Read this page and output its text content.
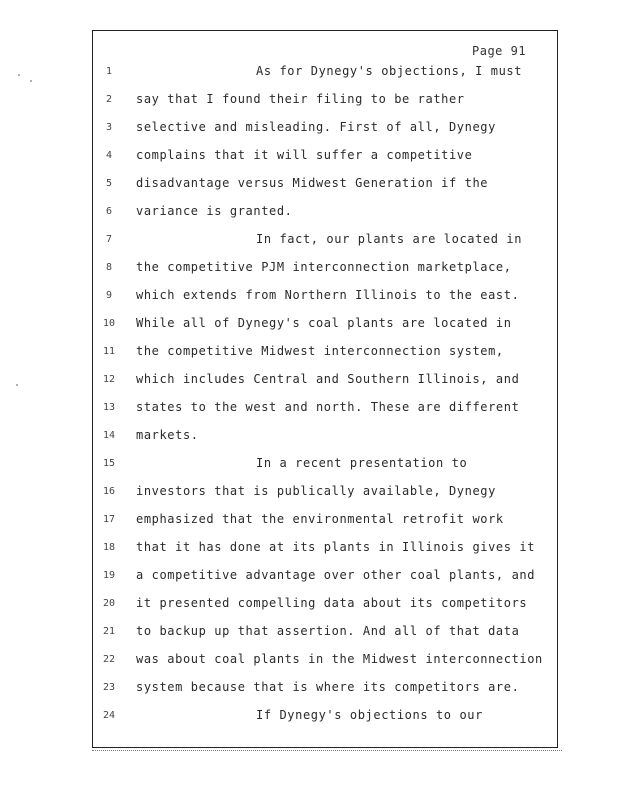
Page 91
1	As for Dynegy's objections, I must
2	say that I found their filing to be rather
3	selective and misleading. First of all, Dynegy
4	complains that it will suffer a competitive
5	disadvantage versus Midwest Generation if the
6	variance is granted.
7	In fact, our plants are located in
8	the competitive PJM interconnection marketplace,
9	which extends from Northern Illinois to the east.
10	While all of Dynegy's coal plants are located in
11	the competitive Midwest interconnection system,
12	which includes Central and Southern Illinois, and
13	states to the west and north. These are different
14	markets.
15	In a recent presentation to
16	investors that is publically available, Dynegy
17	emphasized that the environmental retrofit work
18	that it has done at its plants in Illinois gives it
19	a competitive advantage over other coal plants, and
20	it presented compelling data about its competitors
21	to backup up that assertion. And all of that data
22	was about coal plants in the Midwest interconnection
23	system because that is where its competitors are.
24	If Dynegy's objections to our
